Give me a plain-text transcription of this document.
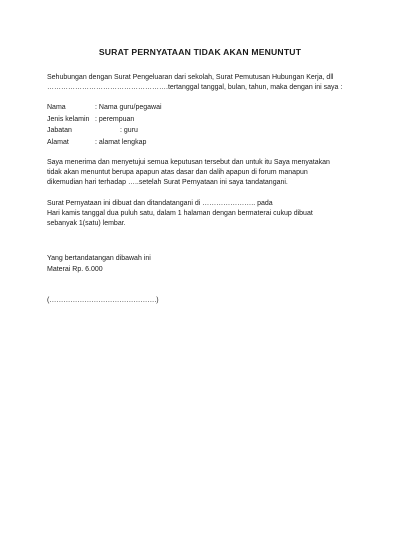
SURAT PERNYATAAN TIDAK AKAN MENUNTUT
Sehubungan dengan Surat Pengeluaran dari sekolah, Surat Pemutusan Hubungan Kerja, dll
…………………………………………….tertanggal tanggal, bulan, tahun, maka dengan ini saya :
Nama	: Nama guru/pegawai
Jenis kelamin : perempuan
Jabatan	: guru
Alamat	: alamat lengkap
Saya menerima dan menyetujui semua keputusan tersebut dan untuk itu Saya menyatakan
tidak akan menuntut berupa apapun atas dasar dan dalih apapun di forum manapun
dikemudian hari terhadap …..setelah Surat Pernyataan ini saya tandatangani.
Surat Pernyataan ini dibuat dan ditandatangani di ………………….. pada
Hari kamis tanggal dua puluh satu, dalam 1 halaman dengan bermaterai cukup dibuat
sebanyak 1(satu) lembar.
Yang bertandatangan dibawah ini
Materai Rp. 6.000
(……………………………………….)
